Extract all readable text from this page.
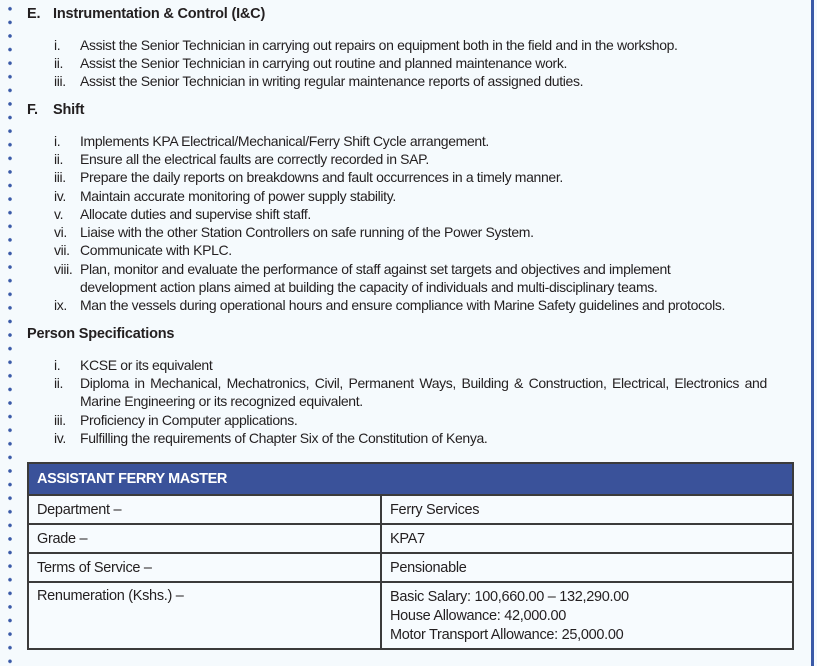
E. Instrumentation & Control (I&C)
i. Assist the Senior Technician in carrying out repairs on equipment both in the field and in the workshop.
ii. Assist the Senior Technician in carrying out routine and planned maintenance work.
iii. Assist the Senior Technician in writing regular maintenance reports of assigned duties.
F. Shift
i. Implements KPA Electrical/Mechanical/Ferry Shift Cycle arrangement.
ii. Ensure all the electrical faults are correctly recorded in SAP.
iii. Prepare the daily reports on breakdowns and fault occurrences in a timely manner.
iv. Maintain accurate monitoring of power supply stability.
v. Allocate duties and supervise shift staff.
vi. Liaise with the other Station Controllers on safe running of the Power System.
vii. Communicate with KPLC.
viii. Plan, monitor and evaluate the performance of staff against set targets and objectives and implement
development action plans aimed at building the capacity of individuals and multi-disciplinary teams.
ix. Man the vessels during operational hours and ensure compliance with Marine Safety guidelines and protocols.
Person Specifications
i. KCSE or its equivalent
ii. Diploma in Mechanical, Mechatronics, Civil, Permanent Ways, Building & Construction, Electrical, Electronics and
Marine Engineering or its recognized equivalent.
iii. Proficiency in Computer applications.
iv. Fulfilling the requirements of Chapter Six of the Constitution of Kenya.
ASSISTANT FERRY MASTER	
Department –	Ferry Services
Grade –	KPA7
Terms of Service –	Pensionable
Renumeration (Kshs.) –	Basic Salary: 100,660.00 – 132,290.00
House Allowance: 42,000.00
Motor Transport Allowance: 25,000.00
